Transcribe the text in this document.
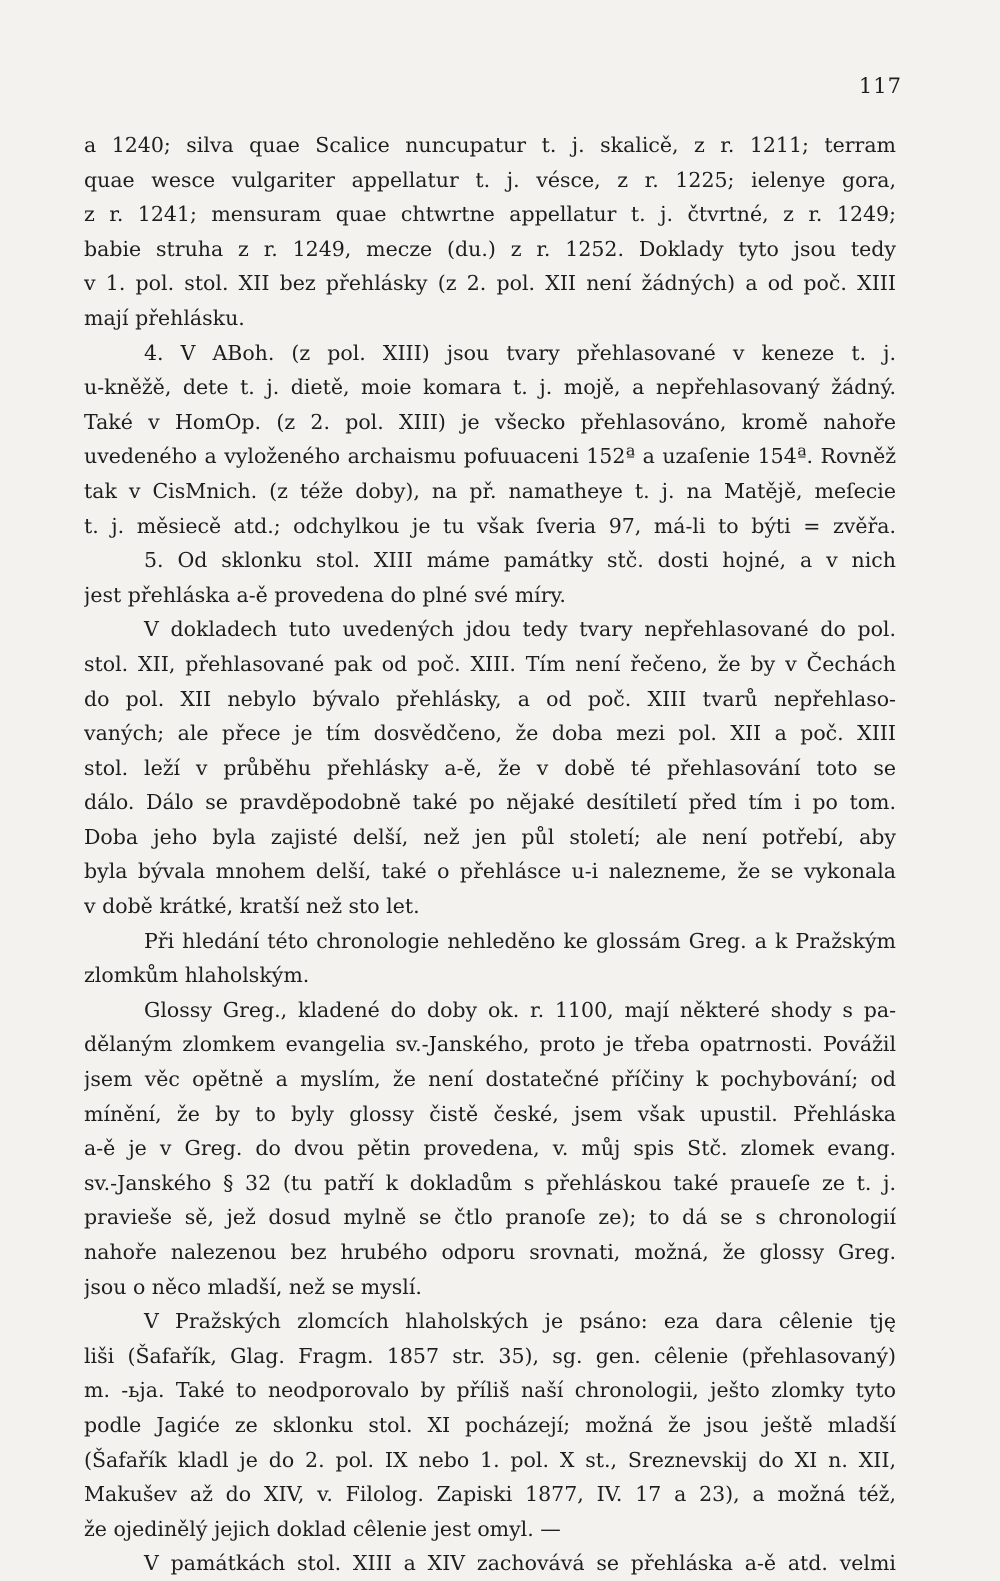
117
a 1240; silva quae Scalice nuncupatur t. j. skalicě, z r. 1211; terram
quae wesce vulgariter appellatur t. j. vésce, z r. 1225; ielenye gora,
z r. 1241; mensuram quae chtwrtne appellatur t. j. čtvrtné, z r. 1249;
babie struha z r. 1249, mecze (du.) z r. 1252. Doklady tyto jsou tedy
v 1. pol. stol. XII bez přehlásky (z 2. pol. XII není žádných) a od poč. XIII
mají přehlásku.
4. V ABoh. (z pol. XIII) jsou tvary přehlasované v keneze t. j.
u-kněžě, dete t. j. dietě, moie komara t. j. mojě, a nepřehlasovaný žádný.
Také v HomOp. (z 2. pol. XIII) je všecko přehlasováno, kromě nahoře
uvedeného a vyloženého archaismu pofuuaceni 152ª a uzaſenie 154ª. Rovněž
tak v CisMnich. (z téže doby), na př. namatheye t. j. na Matějě, meſecie
t. j. měsiecě atd.; odchylkou je tu však ſveria 97, má-li to býti = zvěřa.
5. Od sklonku stol. XIII máme památky stč. dosti hojné, a v nich
jest přehláska a-ě provedena do plné své míry.
V dokladech tuto uvedených jdou tedy tvary nepřehlasované do pol.
stol. XII, přehlasované pak od poč. XIII. Tím není řečeno, že by v Čechách
do pol. XII nebylo bývalo přehlásky, a od poč. XIII tvarů nepřehlaso-
vaných; ale přece je tím dosvědčeno, že doba mezi pol. XII a poč. XIII
stol. leží v průběhu přehlásky a-ě, že v době té přehlasování toto se
dálo. Dálo se pravděpodobně také po nějaké desítiletí před tím i po tom.
Doba jeho byla zajisté delší, než jen půl století; ale není potřebí, aby
byla bývala mnohem delší, také o přehlásce u-i nalezneme, že se vykonala
v době krátké, kratší než sto let.
Při hledání této chronologie nehleděno ke glossám Greg. a k Pražským
zlomkům hlaholským.
Glossy Greg., kladené do doby ok. r. 1100, mají některé shody s pa-
dělaným zlomkem evangelia sv.-Janského, proto je třeba opatrnosti. Povážil
jsem věc opětně a myslím, že není dostatečné příčiny k pochybování; od
mínění, že by to byly glossy čistě české, jsem však upustil. Přehláska
a-ě je v Greg. do dvou pětin provedena, v. můj spis Stč. zlomek evang.
sv.-Janského § 32 (tu patří k dokladům s přehláskou také praueſe ze t. j.
pravieše sě, jež dosud mylně se čtlo pranoſe ze); to dá se s chronologií
nahoře nalezenou bez hrubého odporu srovnati, možná, že glossy Greg.
jsou o něco mladší, než se myslí.
V Pražských zlomcích hlaholských je psáno: eza dara cêlenie tję
liši (Šafařík, Glag. Fragm. 1857 str. 35), sg. gen. cêlenie (přehlasovaný)
m. -ьja. Také to neodporovalo by příliš naší chronologii, ješto zlomky tyto
podle Jagiće ze sklonku stol. XI pocházejí; možná že jsou ještě mladší
(Šafařík kladl je do 2. pol. IX nebo 1. pol. X st., Sreznevskij do XI n. XII,
Makušev až do XIV, v. Filolog. Zapiski 1877, IV. 17 a 23), a možná též,
že ojedinělý jejich doklad cêlenie jest omyl. —
V památkách stol. XIII a XIV zachovává se přehláska a-ě atd. velmi
